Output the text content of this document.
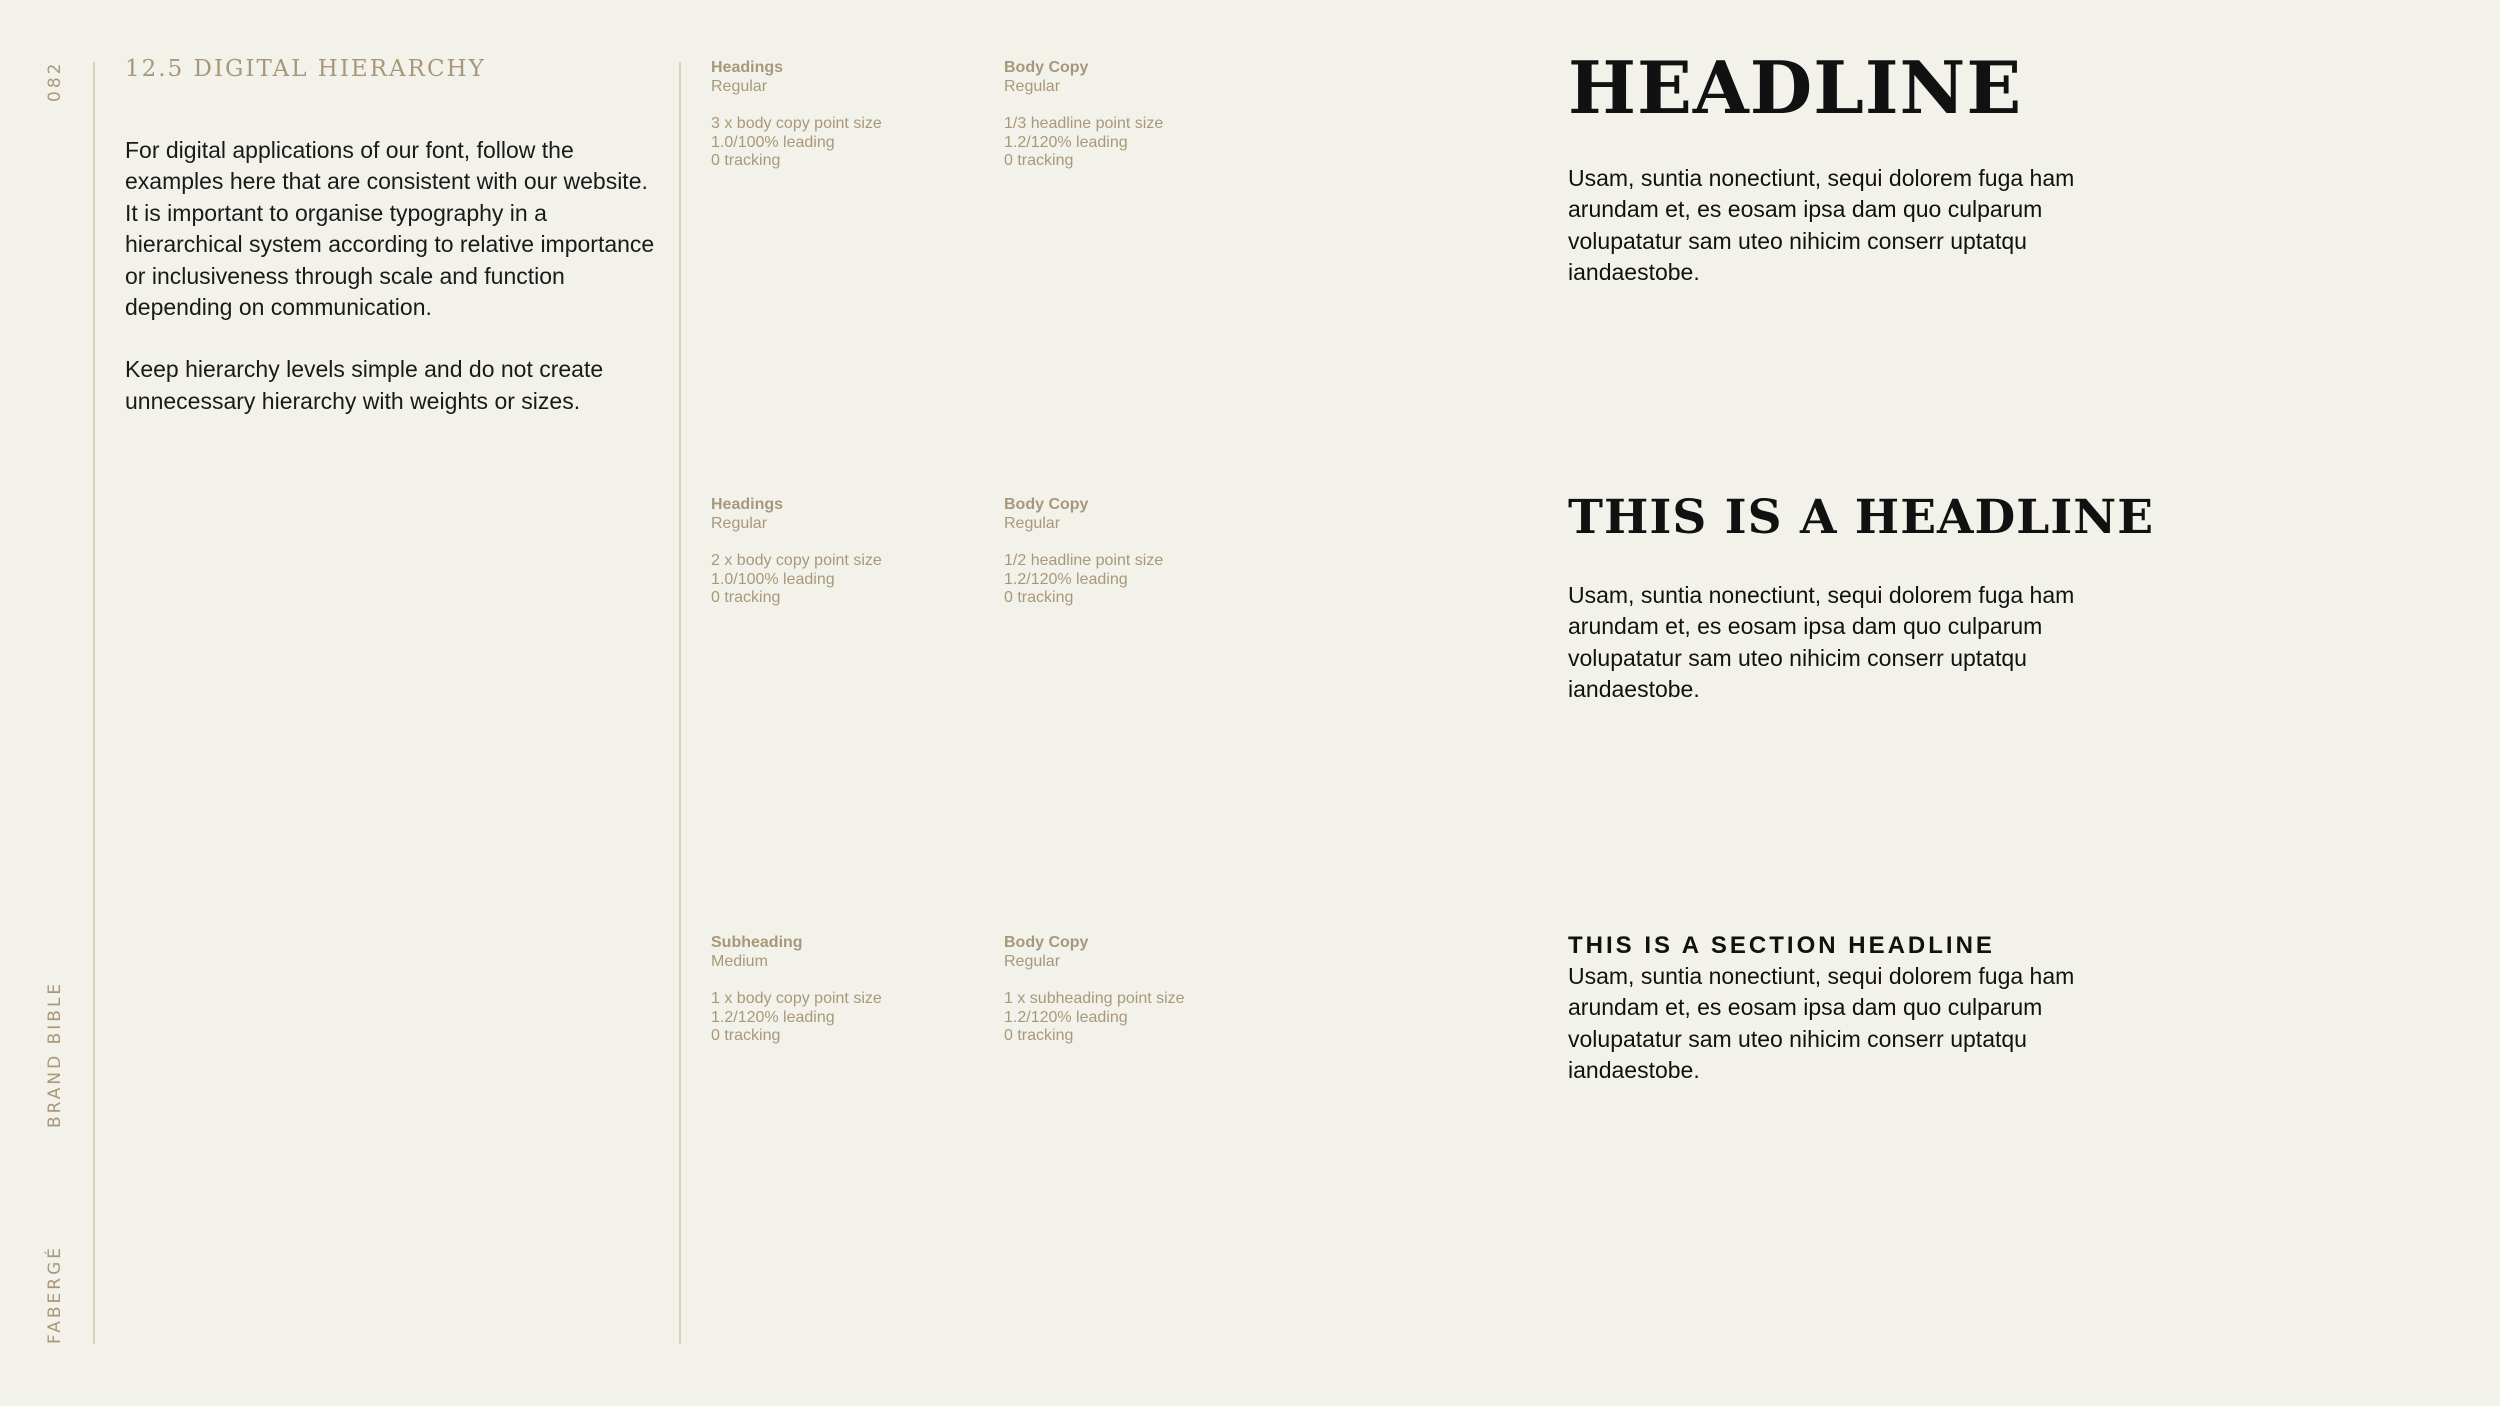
082
BRAND BIBLE
FABERGÉ
12.5 DIGITAL HIERARCHY

For digital applications of our font, follow the examples here that are consistent with our website. It is important to organise typography in a hierarchical system according to relative importance or inclusiveness through scale and function depending on communication.

Keep hierarchy levels simple and do not create unnecessary hierarchy with weights or sizes.

Headings
Regular
3 x body copy point size
1.0/100% leading
0 tracking
Body Copy
Regular
1/3 headline point size
1.2/120% leading
0 tracking
Headings
Regular
2 x body copy point size
1.0/100% leading
0 tracking
Body Copy
Regular
1/2 headline point size
1.2/120% leading
0 tracking
Subheading
Medium
1 x body copy point size
1.2/120% leading
0 tracking
Body Copy
Regular
1 x subheading point size
1.2/120% leading
0 tracking
HEADLINE
Usam, suntia nonectiunt, sequi dolorem fuga ham arundam et, es eosam ipsa dam quo culparum volupatatur sam uteo nihicim conserr uptatqu iandaestobe.
THIS IS A HEADLINE
Usam, suntia nonectiunt, sequi dolorem fuga ham arundam et, es eosam ipsa dam quo culparum volupatatur sam uteo nihicim conserr uptatqu iandaestobe.
THIS IS A SECTION HEADLINE
Usam, suntia nonectiunt, sequi dolorem fuga ham arundam et, es eosam ipsa dam quo culparum volupatatur sam uteo nihicim conserr uptatqu iandaestobe.
